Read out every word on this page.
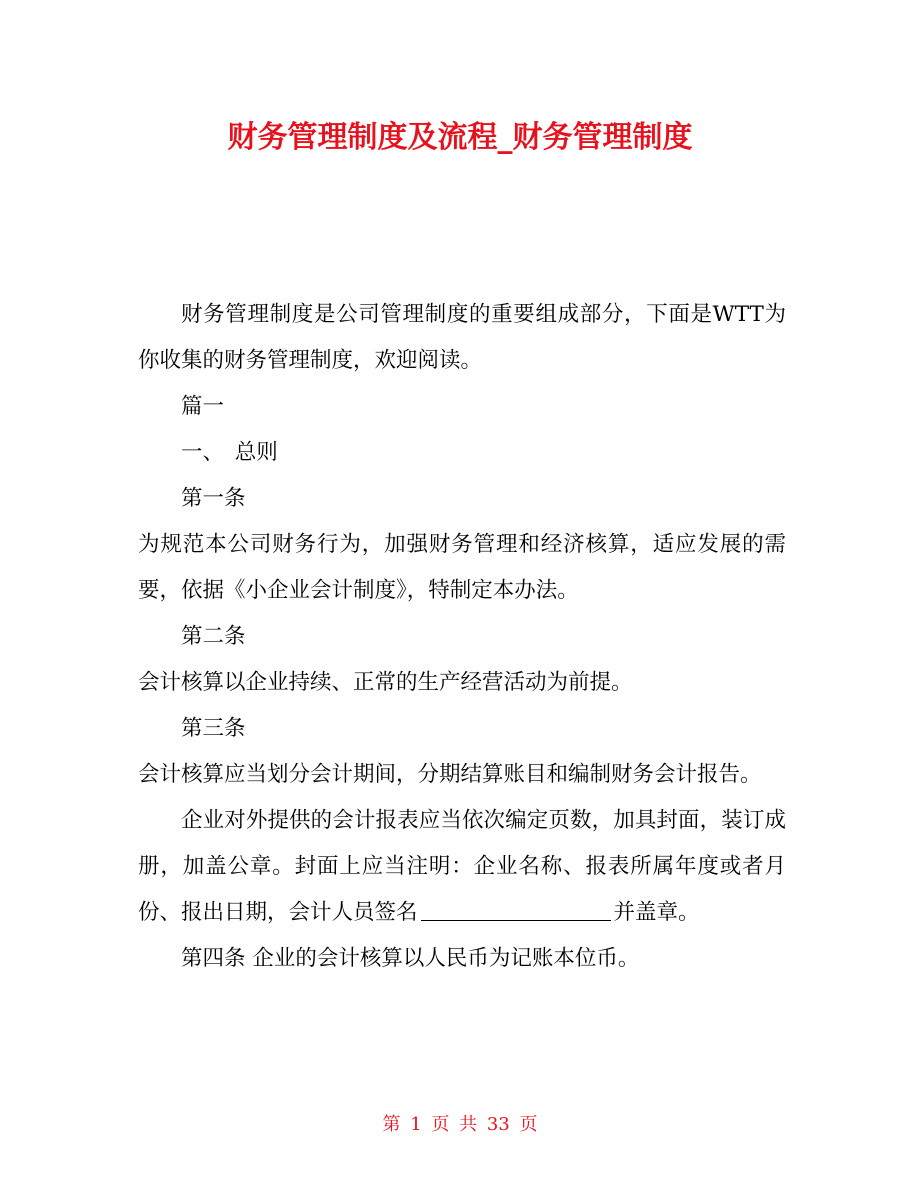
财务管理制度及流程_财务管理制度

财务管理制度是公司管理制度的重要组成部分，下面是WTT为你收集的财务管理制度，欢迎阅读。

篇一

一、　总则

第一条

为规范本公司财务行为，加强财务管理和经济核算，适应发展的需要，依据《小企业会计制度》，特制定本办法。

第二条

会计核算以企业持续、正常的生产经营活动为前提。

第三条

会计核算应当划分会计期间，分期结算账目和编制财务会计报告。

企业对外提供的会计报表应当依次编定页数，加具封面，装订成册，加盖公章。封面上应当注明：企业名称、报表所属年度或者月份、报出日期，会计人员签名	并盖章。

第四条 企业的会计核算以人民币为记账本位币。

第 1 页 共 33 页
